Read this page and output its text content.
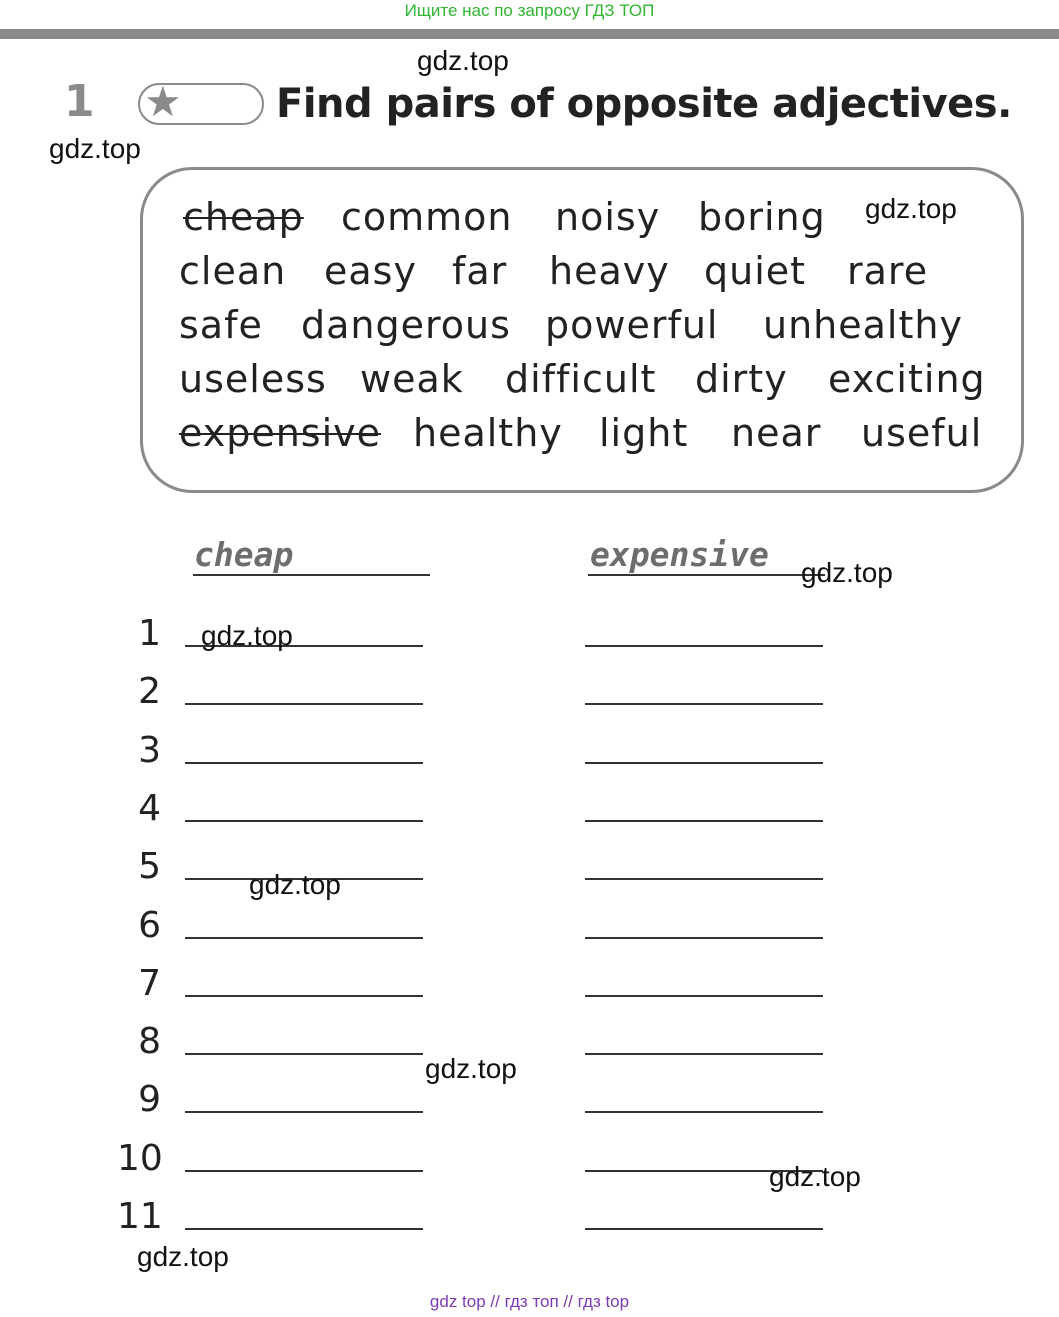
Ищите нас по запросу ГДЗ ТОП
1 ★ Find pairs of opposite adjectives.
cheap common noisy boring
clean easy far heavy quiet rare
safe dangerous powerful unhealthy
useless weak difficult dirty exciting
expensive healthy light near useful
cheap	expensive
1
2
3
4
5
6
7
8
9
10
11
gdz.top
gdz.top
gdz.top
gdz.top
gdz.top
gdz.top
gdz.top
gdz.top
gdz.top
gdz top // гдз топ // гдз top
